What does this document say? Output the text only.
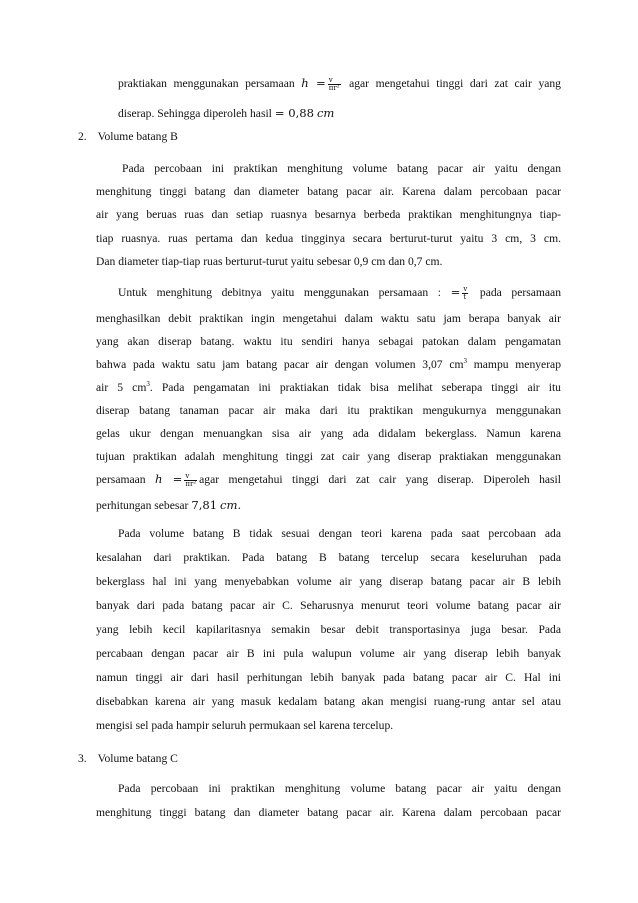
praktiakan menggunakan persamaan $h = \frac{v}{\text{πr²}}$ agar mengetahui tinggi dari zat cair yang
diserap. Sehingga diperoleh hasil = 0,88 cm
2. Volume batang B
Pada percobaan ini praktikan menghitung volume batang pacar air yaitu dengan
menghitung tinggi batang dan diameter batang pacar air. Karena dalam percobaan pacar
air yang beruas ruas dan setiap ruasnya besarnya berbeda praktikan menghitungnya tiap-
tiap ruasnya. ruas pertama dan kedua tingginya secara berturut-turut yaitu 3 cm, 3 cm.
Dan diameter tiap-tiap ruas berturut-turut yaitu sebesar 0,9 cm dan 0,7 cm.
Untuk menghitung debitnya yaitu menggunakan persamaan : = $\frac{v}{t}$ pada persamaan
menghasilkan debit praktikan ingin mengetahui dalam waktu satu jam berapa banyak air
yang akan diserap batang. waktu itu sendiri hanya sebagai patokan dalam pengamatan
bahwa pada waktu satu jam batang pacar air dengan volumen 3,07 $cm^3$ mampu menyerap
air 5 $cm^3$. Pada pengamatan ini praktiakan tidak bisa melihat seberapa tinggi air itu
diserap batang tanaman pacar air maka dari itu praktikan mengukurnya menggunakan
gelas ukur dengan menuangkan sisa air yang ada didalam bekerglass. Namun karena
tujuan praktikan adalah menghitung tinggi zat cair yang diserap praktiakan menggunakan
persamaan $h = \frac{v}{\text{πr²}}$ agar mengetahui tinggi dari zat cair yang diserap. Diperoleh hasil
perhitungan sebesar 7,81 cm.
Pada volume batang B tidak sesuai dengan teori karena pada saat percobaan ada
kesalahan dari praktikan. Pada batang B batang tercelup secara keseluruhan pada
bekerglass hal ini yang menyebabkan volume air yang diserap batang pacar air B lebih
banyak dari pada batang pacar air C. Seharusnya menurut teori volume batang pacar air
yang lebih kecil kapilaritasnya semakin besar debit transportasinya juga besar. Pada
percabaan dengan pacar air B ini pula walupun volume air yang diserap lebih banyak
namun tinggi air dari hasil perhitungan lebih banyak pada batang pacar air C. Hal ini
disebabkan karena air yang masuk kedalam batang akan mengisi ruang-rung antar sel atau
mengisi sel pada hampir seluruh permukaan sel karena tercelup.
3. Volume batang C
Pada percobaan ini praktikan menghitung volume batang pacar air yaitu dengan
menghitung tinggi batang dan diameter batang pacar air. Karena dalam percobaan pacar
